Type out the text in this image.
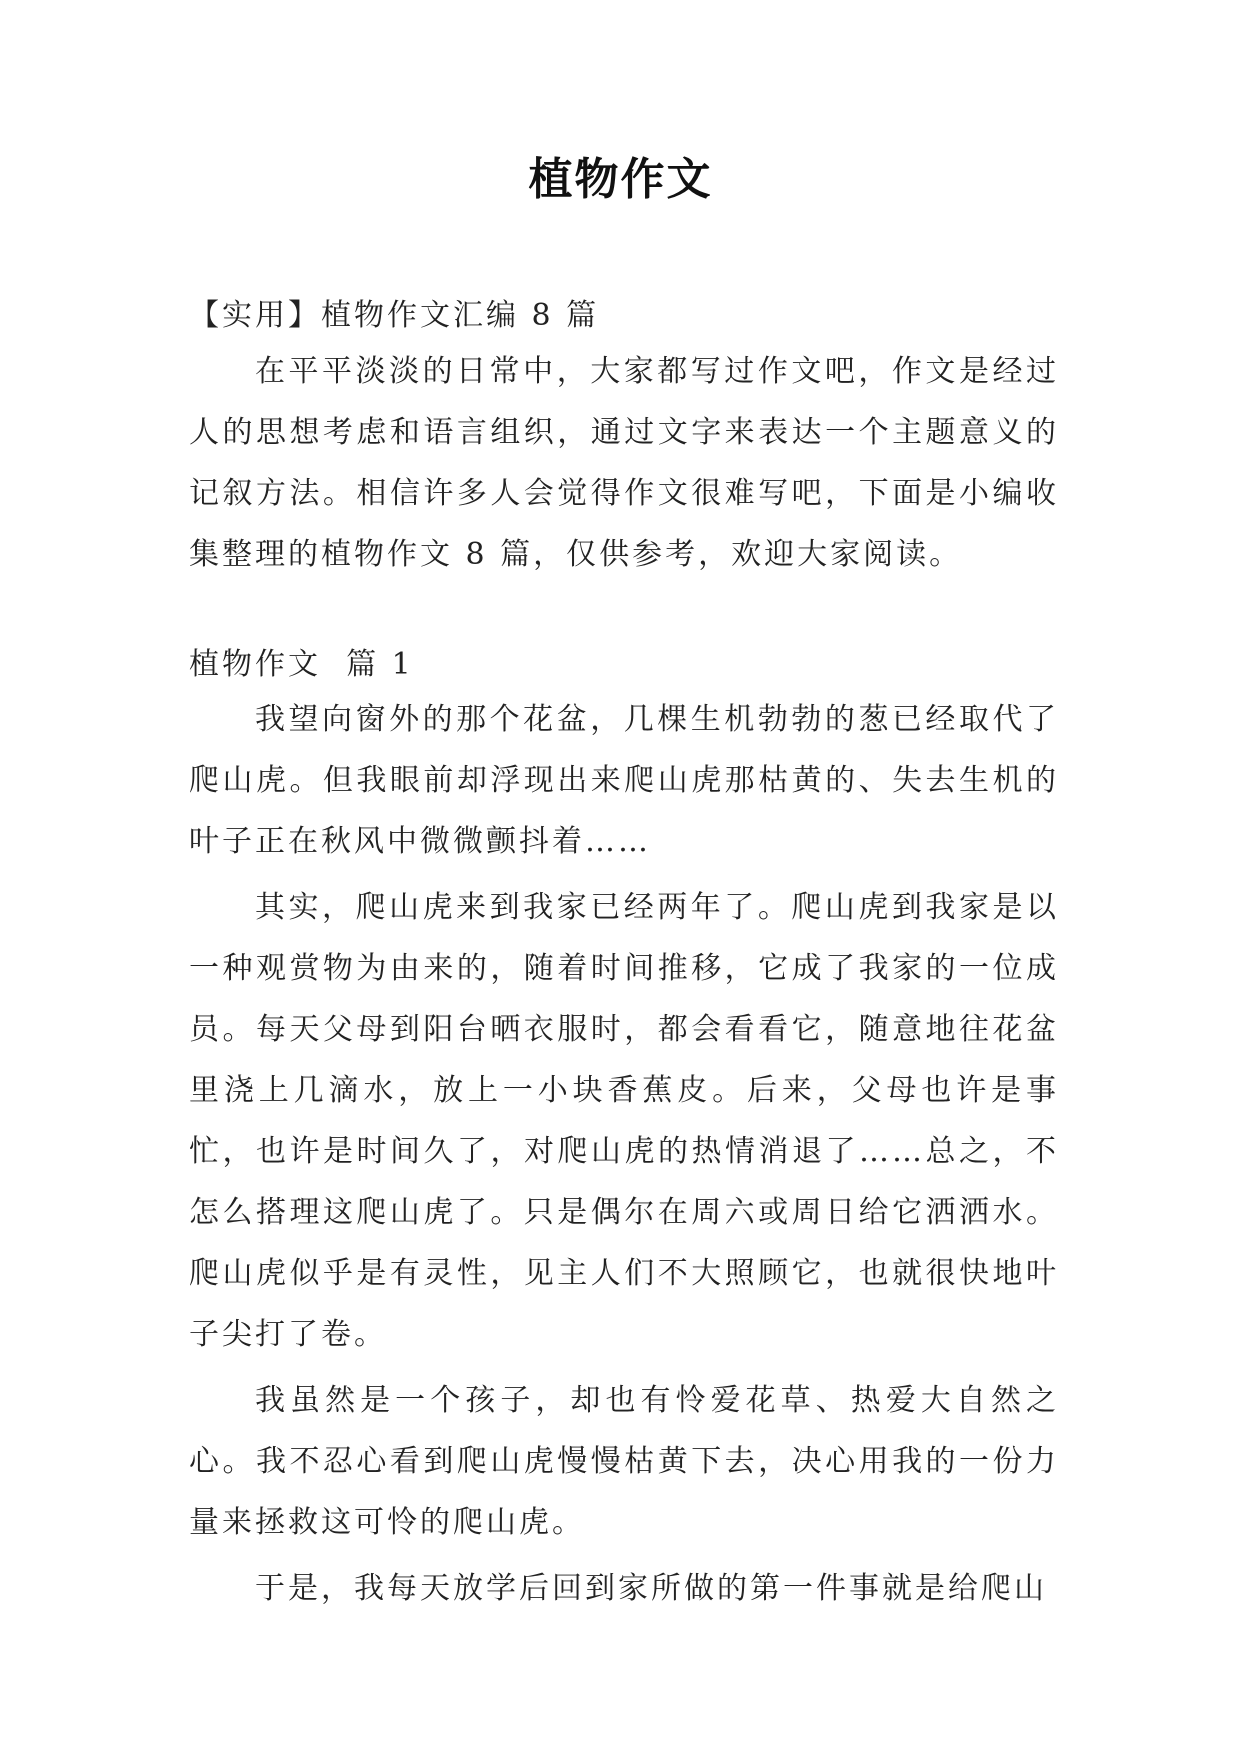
植物作文

【实用】植物作文汇编 8 篇

在平平淡淡的日常中，大家都写过作文吧，作文是经过人的思想考虑和语言组织，通过文字来表达一个主题意义的记叙方法。相信许多人会觉得作文很难写吧，下面是小编收集整理的植物作文 8 篇，仅供参考，欢迎大家阅读。

植物作文  篇 1

我望向窗外的那个花盆，几棵生机勃勃的葱已经取代了爬山虎。但我眼前却浮现出来爬山虎那枯黄的、失去生机的叶子正在秋风中微微颤抖着……

其实，爬山虎来到我家已经两年了。爬山虎到我家是以一种观赏物为由来的，随着时间推移，它成了我家的一位成员。每天父母到阳台晒衣服时，都会看看它，随意地往花盆里浇上几滴水，放上一小块香蕉皮。后来，父母也许是事忙，也许是时间久了，对爬山虎的热情消退了……总之，不怎么搭理这爬山虎了。只是偶尔在周六或周日给它洒洒水。爬山虎似乎是有灵性，见主人们不大照顾它，也就很快地叶子尖打了卷。

我虽然是一个孩子，却也有怜爱花草、热爱大自然之心。我不忍心看到爬山虎慢慢枯黄下去，决心用我的一份力量来拯救这可怜的爬山虎。

于是，我每天放学后回到家所做的第一件事就是给爬山
